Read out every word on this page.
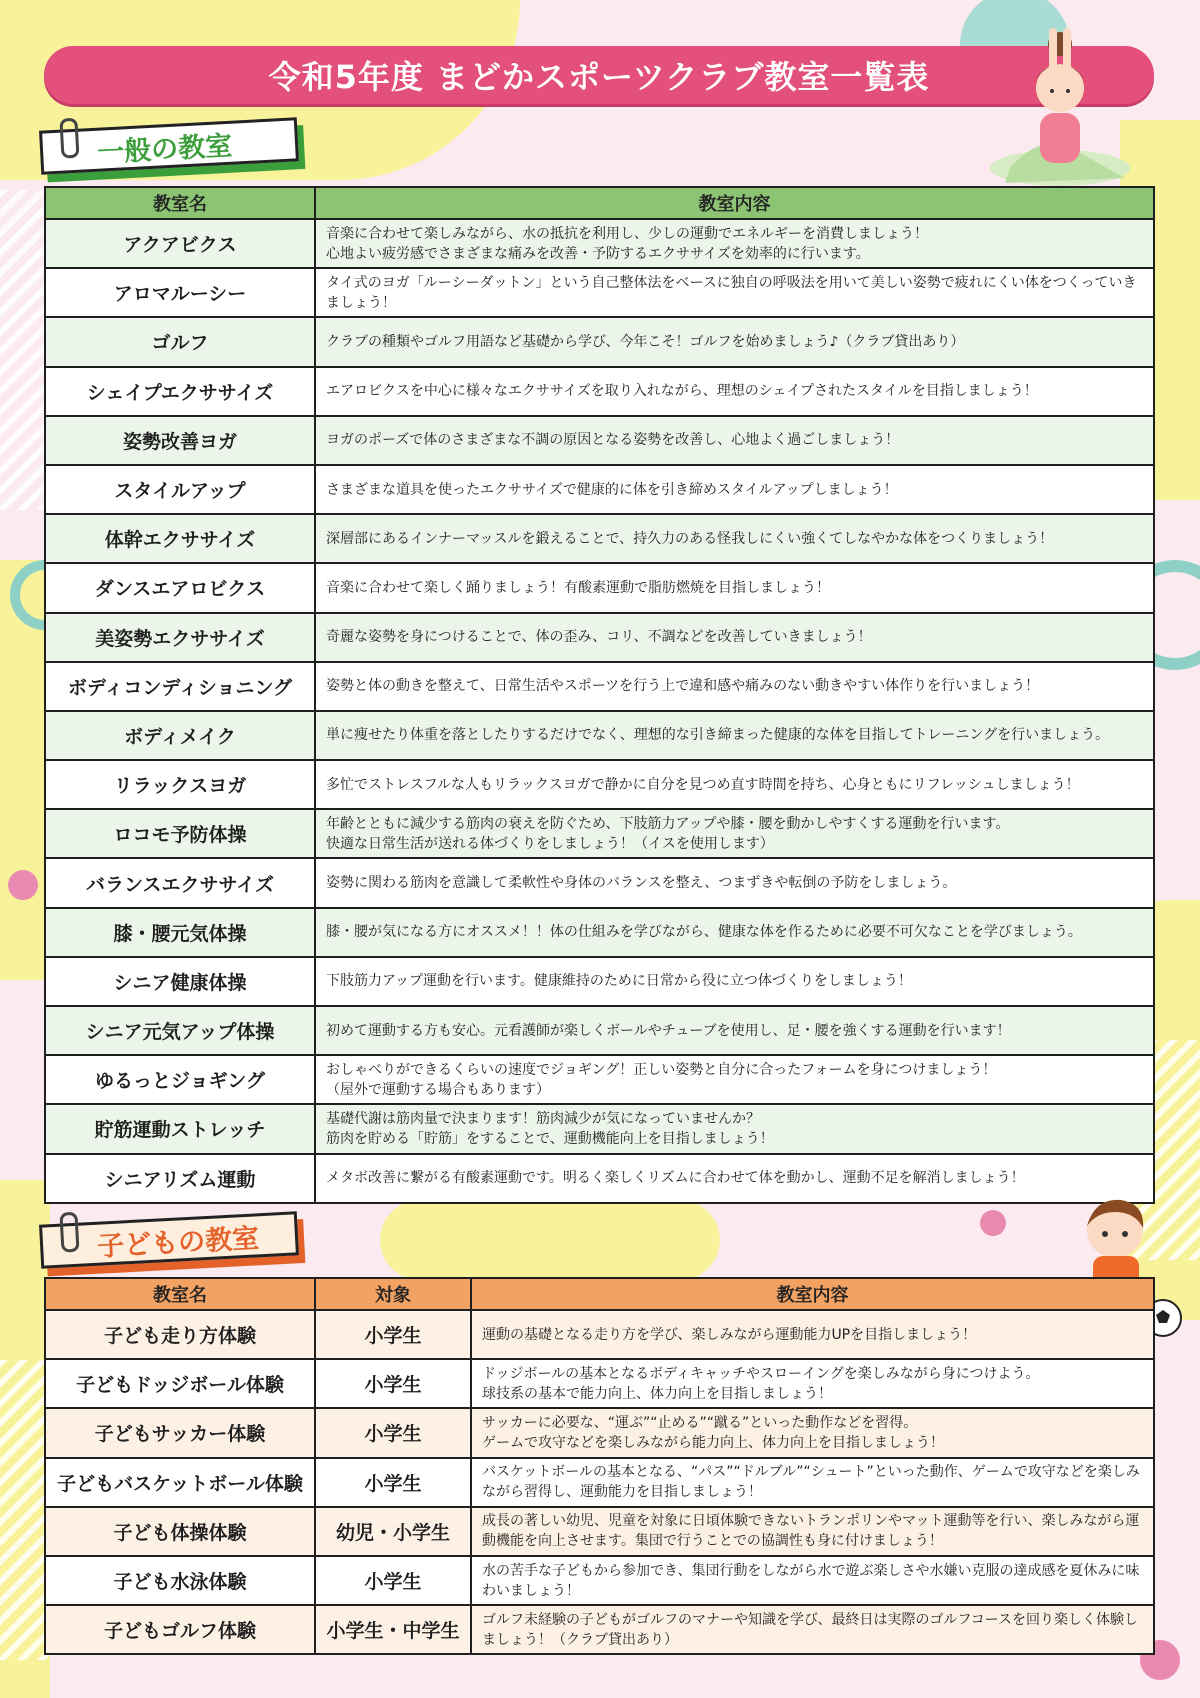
令和5年度 まどかスポーツクラブ教室一覧表
一般の教室
教室名	教室内容
アクアビクス	音楽に合わせて楽しみながら、水の抵抗を利用し、少しの運動でエネルギーを消費しましょう！
心地よい疲労感でさまざまな痛みを改善・予防するエクササイズを効率的に行います。
アロマルーシー	タイ式のヨガ「ルーシーダットン」という自己整体法をベースに独自の呼吸法を用いて美しい姿勢で疲れにくい体をつくっていきましょう！
ゴルフ	クラブの種類やゴルフ用語など基礎から学び、今年こそ！ゴルフを始めましょう♪（クラブ貸出あり）
シェイプエクササイズ	エアロビクスを中心に様々なエクササイズを取り入れながら、理想のシェイプされたスタイルを目指しましょう！
姿勢改善ヨガ	ヨガのポーズで体のさまざまな不調の原因となる姿勢を改善し、心地よく過ごしましょう！
スタイルアップ	さまざまな道具を使ったエクササイズで健康的に体を引き締めスタイルアップしましょう！
体幹エクササイズ	深層部にあるインナーマッスルを鍛えることで、持久力のある怪我しにくい強くてしなやかな体をつくりましょう！
ダンスエアロビクス	音楽に合わせて楽しく踊りましょう！有酸素運動で脂肪燃焼を目指しましょう！
美姿勢エクササイズ	奇麗な姿勢を身につけることで、体の歪み、コリ、不調などを改善していきましょう！
ボディコンディショニング	姿勢と体の動きを整えて、日常生活やスポーツを行う上で違和感や痛みのない動きやすい体作りを行いましょう！
ボディメイク	単に痩せたり体重を落としたりするだけでなく、理想的な引き締まった健康的な体を目指してトレーニングを行いましょう。
リラックスヨガ	多忙でストレスフルな人もリラックスヨガで静かに自分を見つめ直す時間を持ち、心身ともにリフレッシュしましょう！
ロコモ予防体操	年齢とともに減少する筋肉の衰えを防ぐため、下肢筋力アップや膝・腰を動かしやすくする運動を行います。
快適な日常生活が送れる体づくりをしましょう！（イスを使用します）
バランスエクササイズ	姿勢に関わる筋肉を意識して柔軟性や身体のバランスを整え、つまずきや転倒の予防をしましょう。
膝・腰元気体操	膝・腰が気になる方にオススメ！！体の仕組みを学びながら、健康な体を作るために必要不可欠なことを学びましょう。
シニア健康体操	下肢筋力アップ運動を行います。健康維持のために日常から役に立つ体づくりをしましょう！
シニア元気アップ体操	初めて運動する方も安心。元看護師が楽しくボールやチューブを使用し、足・腰を強くする運動を行います！
ゆるっとジョギング	おしゃべりができるくらいの速度でジョギング！正しい姿勢と自分に合ったフォームを身につけましょう！
（屋外で運動する場合もあります）
貯筋運動ストレッチ	基礎代謝は筋肉量で決まります！筋肉減少が気になっていませんか？
筋肉を貯める「貯筋」をすることで、運動機能向上を目指しましょう！
シニアリズム運動	メタボ改善に繋がる有酸素運動です。明るく楽しくリズムに合わせて体を動かし、運動不足を解消しましょう！
子どもの教室
教室名	対象	教室内容
子ども走り方体験	小学生	運動の基礎となる走り方を学び、楽しみながら運動能力UPを目指しましょう！
子どもドッジボール体験	小学生	ドッジボールの基本となるボディキャッチやスローイングを楽しみながら身につけよう。
球技系の基本で能力向上、体力向上を目指しましょう！
子どもサッカー体験	小学生	サッカーに必要な、“運ぶ”“止める”“蹴る”といった動作などを習得。
ゲームで攻守などを楽しみながら能力向上、体力向上を目指しましょう！
子どもバスケットボール体験	小学生	バスケットボールの基本となる、“パス”“ドルブル”“シュート”といった動作、ゲームで攻守などを楽しみながら習得し、運動能力を目指しましょう！
子ども体操体験	幼児・小学生	成長の著しい幼児、児童を対象に日頃体験できないトランポリンやマット運動等を行い、楽しみながら運動機能を向上させます。集団で行うことでの協調性も身に付けましょう！
子ども水泳体験	小学生	水の苦手な子どもから参加でき、集団行動をしながら水で遊ぶ楽しさや水嫌い克服の達成感を夏休みに味わいましょう！
子どもゴルフ体験	小学生・中学生	ゴルフ未経験の子どもがゴルフのマナーや知識を学び、最終日は実際のゴルフコースを回り楽しく体験しましょう！（クラブ貸出あり）
